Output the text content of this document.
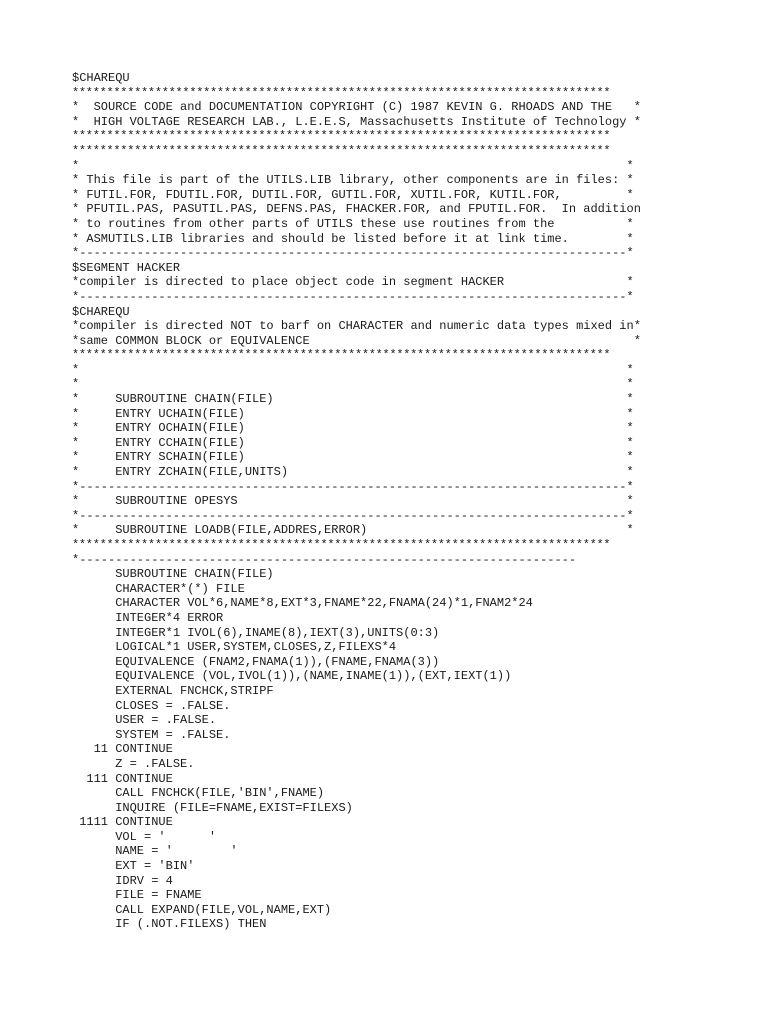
$CHAREQU
******************************************************************************
*  SOURCE CODE and DOCUMENTATION COPYRIGHT (C) 1987 KEVIN G. RHOADS AND THE   *
*  HIGH VOLTAGE RESEARCH LAB., L.E.E.S, Massachusetts Institute of Technology *
******************************************************************************
******************************************************************************
*                                                                            *
* This file is part of the UTILS.LIB library, other components are in files: *
* FUTIL.FOR, FDUTIL.FOR, DUTIL.FOR, GUTIL.FOR, XUTIL.FOR, KUTIL.FOR,         *
* PFUTIL.PAS, PASUTIL.PAS, DEFNS.PAS, FHACKER.FOR, and FPUTIL.FOR.  In addition
* to routines from other parts of UTILS these use routines from the          *
* ASMUTILS.LIB libraries and should be listed before it at link time.        *
*----------------------------------------------------------------------------*
$SEGMENT HACKER
*compiler is directed to place object code in segment HACKER                 *
*----------------------------------------------------------------------------*
$CHAREQU
*compiler is directed NOT to barf on CHARACTER and numeric data types mixed in*
*same COMMON BLOCK or EQUIVALENCE                                             *
******************************************************************************
*                                                                            *
*                                                                            *
*     SUBROUTINE CHAIN(FILE)                                                 *
*     ENTRY UCHAIN(FILE)                                                     *
*     ENTRY OCHAIN(FILE)                                                     *
*     ENTRY CCHAIN(FILE)                                                     *
*     ENTRY SCHAIN(FILE)                                                     *
*     ENTRY ZCHAIN(FILE,UNITS)                                               *
*----------------------------------------------------------------------------*
*     SUBROUTINE OPESYS                                                      *
*----------------------------------------------------------------------------*
*     SUBROUTINE LOADB(FILE,ADDRES,ERROR)                                    *
******************************************************************************
*---------------------------------------------------------------------
SUBROUTINE CHAIN(FILE)
CHARACTER*(*) FILE
CHARACTER VOL*6,NAME*8,EXT*3,FNAME*22,FNAMA(24)*1,FNAM2*24
INTEGER*4 ERROR
INTEGER*1 IVOL(6),INAME(8),IEXT(3),UNITS(0:3)
LOGICAL*1 USER,SYSTEM,CLOSES,Z,FILEXS*4
EQUIVALENCE (FNAM2,FNAMA(1)),(FNAME,FNAMA(3))
EQUIVALENCE (VOL,IVOL(1)),(NAME,INAME(1)),(EXT,IEXT(1))
EXTERNAL FNCHCK,STRIPF
CLOSES = .FALSE.
USER = .FALSE.
SYSTEM = .FALSE.
11 CONTINUE
Z = .FALSE.
111 CONTINUE
CALL FNCHCK(FILE,'BIN',FNAME)
INQUIRE (FILE=FNAME,EXIST=FILEXS)
1111 CONTINUE
VOL = '      '
NAME = '        '
EXT = 'BIN'
IDRV = 4
FILE = FNAME
CALL EXPAND(FILE,VOL,NAME,EXT)
IF (.NOT.FILEXS) THEN
